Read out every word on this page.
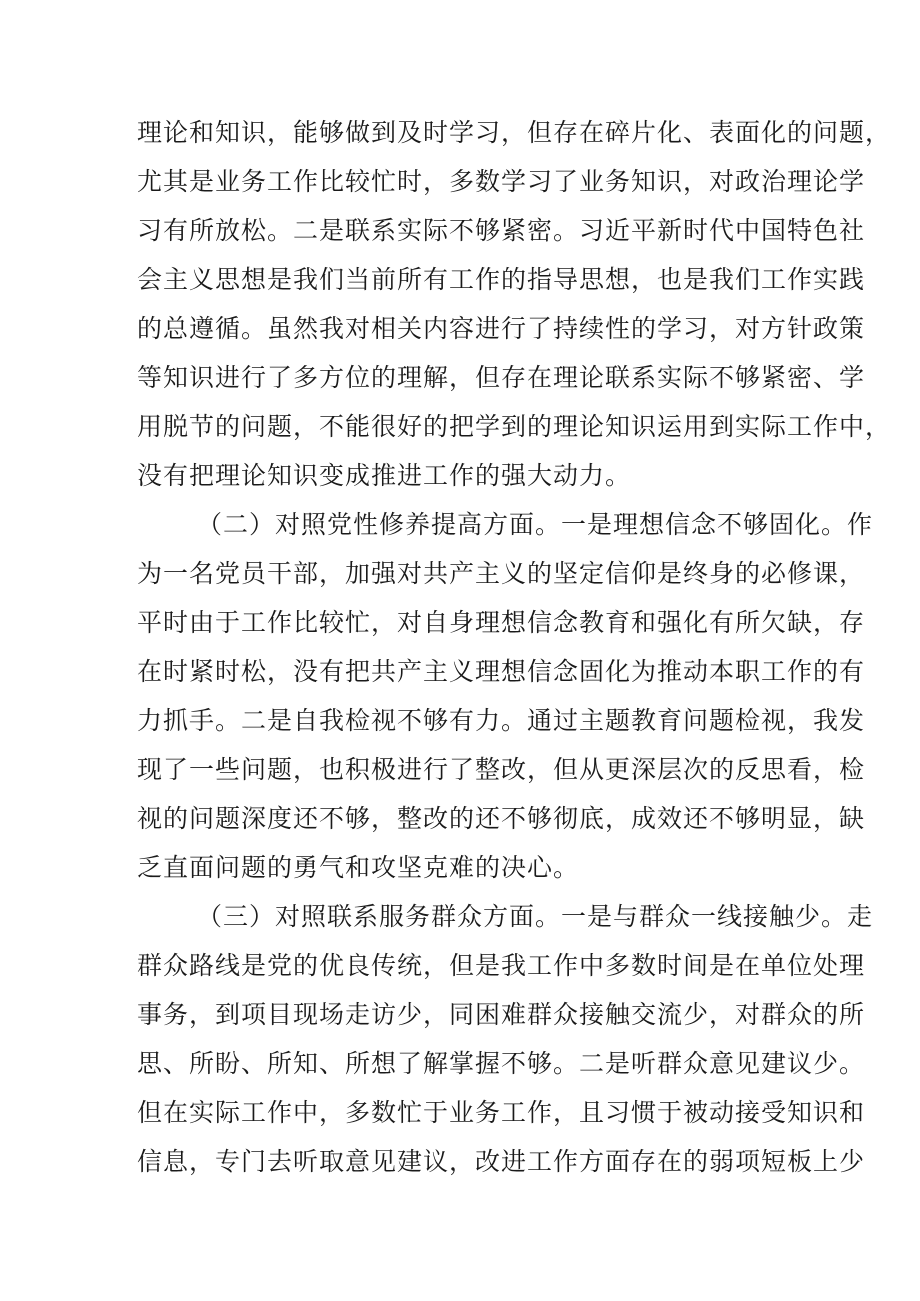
理论和知识，能够做到及时学习，但存在碎片化、表面化的问题，
尤其是业务工作比较忙时，多数学习了业务知识，对政治理论学
习有所放松。二是联系实际不够紧密。习近平新时代中国特色社
会主义思想是我们当前所有工作的指导思想，也是我们工作实践
的总遵循。虽然我对相关内容进行了持续性的学习，对方针政策
等知识进行了多方位的理解，但存在理论联系实际不够紧密、学
用脱节的问题，不能很好的把学到的理论知识运用到实际工作中，
没有把理论知识变成推进工作的强大动力。
（二）对照党性修养提高方面。一是理想信念不够固化。作
为一名党员干部，加强对共产主义的坚定信仰是终身的必修课，
平时由于工作比较忙，对自身理想信念教育和强化有所欠缺，存
在时紧时松，没有把共产主义理想信念固化为推动本职工作的有
力抓手。二是自我检视不够有力。通过主题教育问题检视，我发
现了一些问题，也积极进行了整改，但从更深层次的反思看，检
视的问题深度还不够，整改的还不够彻底，成效还不够明显，缺
乏直面问题的勇气和攻坚克难的决心。
（三）对照联系服务群众方面。一是与群众一线接触少。走
群众路线是党的优良传统，但是我工作中多数时间是在单位处理
事务，到项目现场走访少，同困难群众接触交流少，对群众的所
思、所盼、所知、所想了解掌握不够。二是听群众意见建议少。
但在实际工作中，多数忙于业务工作，且习惯于被动接受知识和
信息，专门去听取意见建议，改进工作方面存在的弱项短板上少
